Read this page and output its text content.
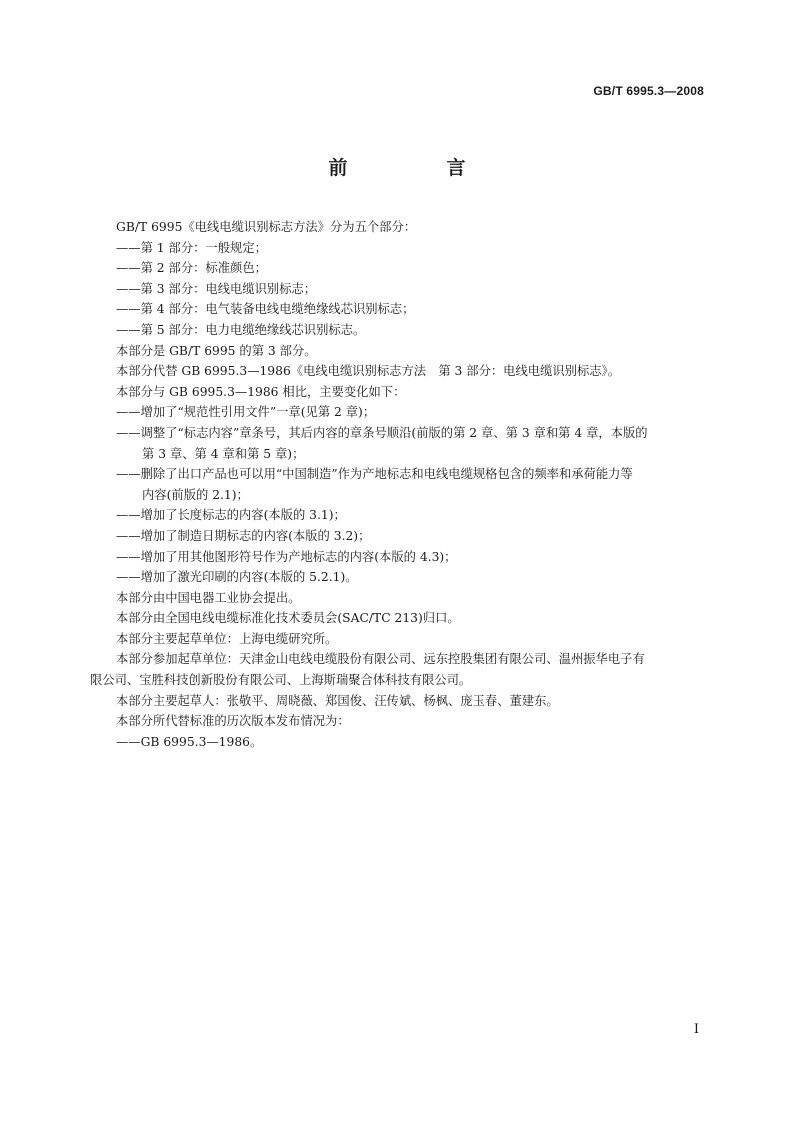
GB/T 6995.3—2008
前　言

GB/T 6995《电线电缆识别标志方法》分为五个部分：

——第 1 部分：一般规定；

——第 2 部分：标准颜色；

——第 3 部分：电线电缆识别标志；

——第 4 部分：电气装备电线电缆绝缘线芯识别标志；

——第 5 部分：电力电缆绝缘线芯识别标志。

本部分是 GB/T 6995 的第 3 部分。

本部分代替 GB 6995.3—1986《电线电缆识别标志方法　第 3 部分：电线电缆识别标志》。

本部分与 GB 6995.3—1986 相比，主要变化如下：

——增加了“规范性引用文件”一章(见第 2 章)；

——调整了“标志内容”章条号，其后内容的章条号顺沿(前版的第 2 章、第 3 章和第 4 章，本版的

第 3 章、第 4 章和第 5 章)；

——删除了出口产品也可以用“中国制造”作为产地标志和电线电缆规格包含的频率和承荷能力等

内容(前版的 2.1)；

——增加了长度标志的内容(本版的 3.1)；

——增加了制造日期标志的内容(本版的 3.2)；

——增加了用其他图形符号作为产地标志的内容(本版的 4.3)；

——增加了激光印刷的内容(本版的 5.2.1)。

本部分由中国电器工业协会提出。

本部分由全国电线电缆标准化技术委员会(SAC/TC 213)归口。

本部分主要起草单位：上海电缆研究所。

本部分参加起草单位：天津金山电线电缆股份有限公司、远东控股集团有限公司、温州振华电子有

限公司、宝胜科技创新股份有限公司、上海斯瑞聚合体科技有限公司。

本部分主要起草人：张敬平、周晓薇、郑国俊、汪传斌、杨枫、庞玉春、董建东。

本部分所代替标准的历次版本发布情况为：

——GB 6995.3—1986。

I
